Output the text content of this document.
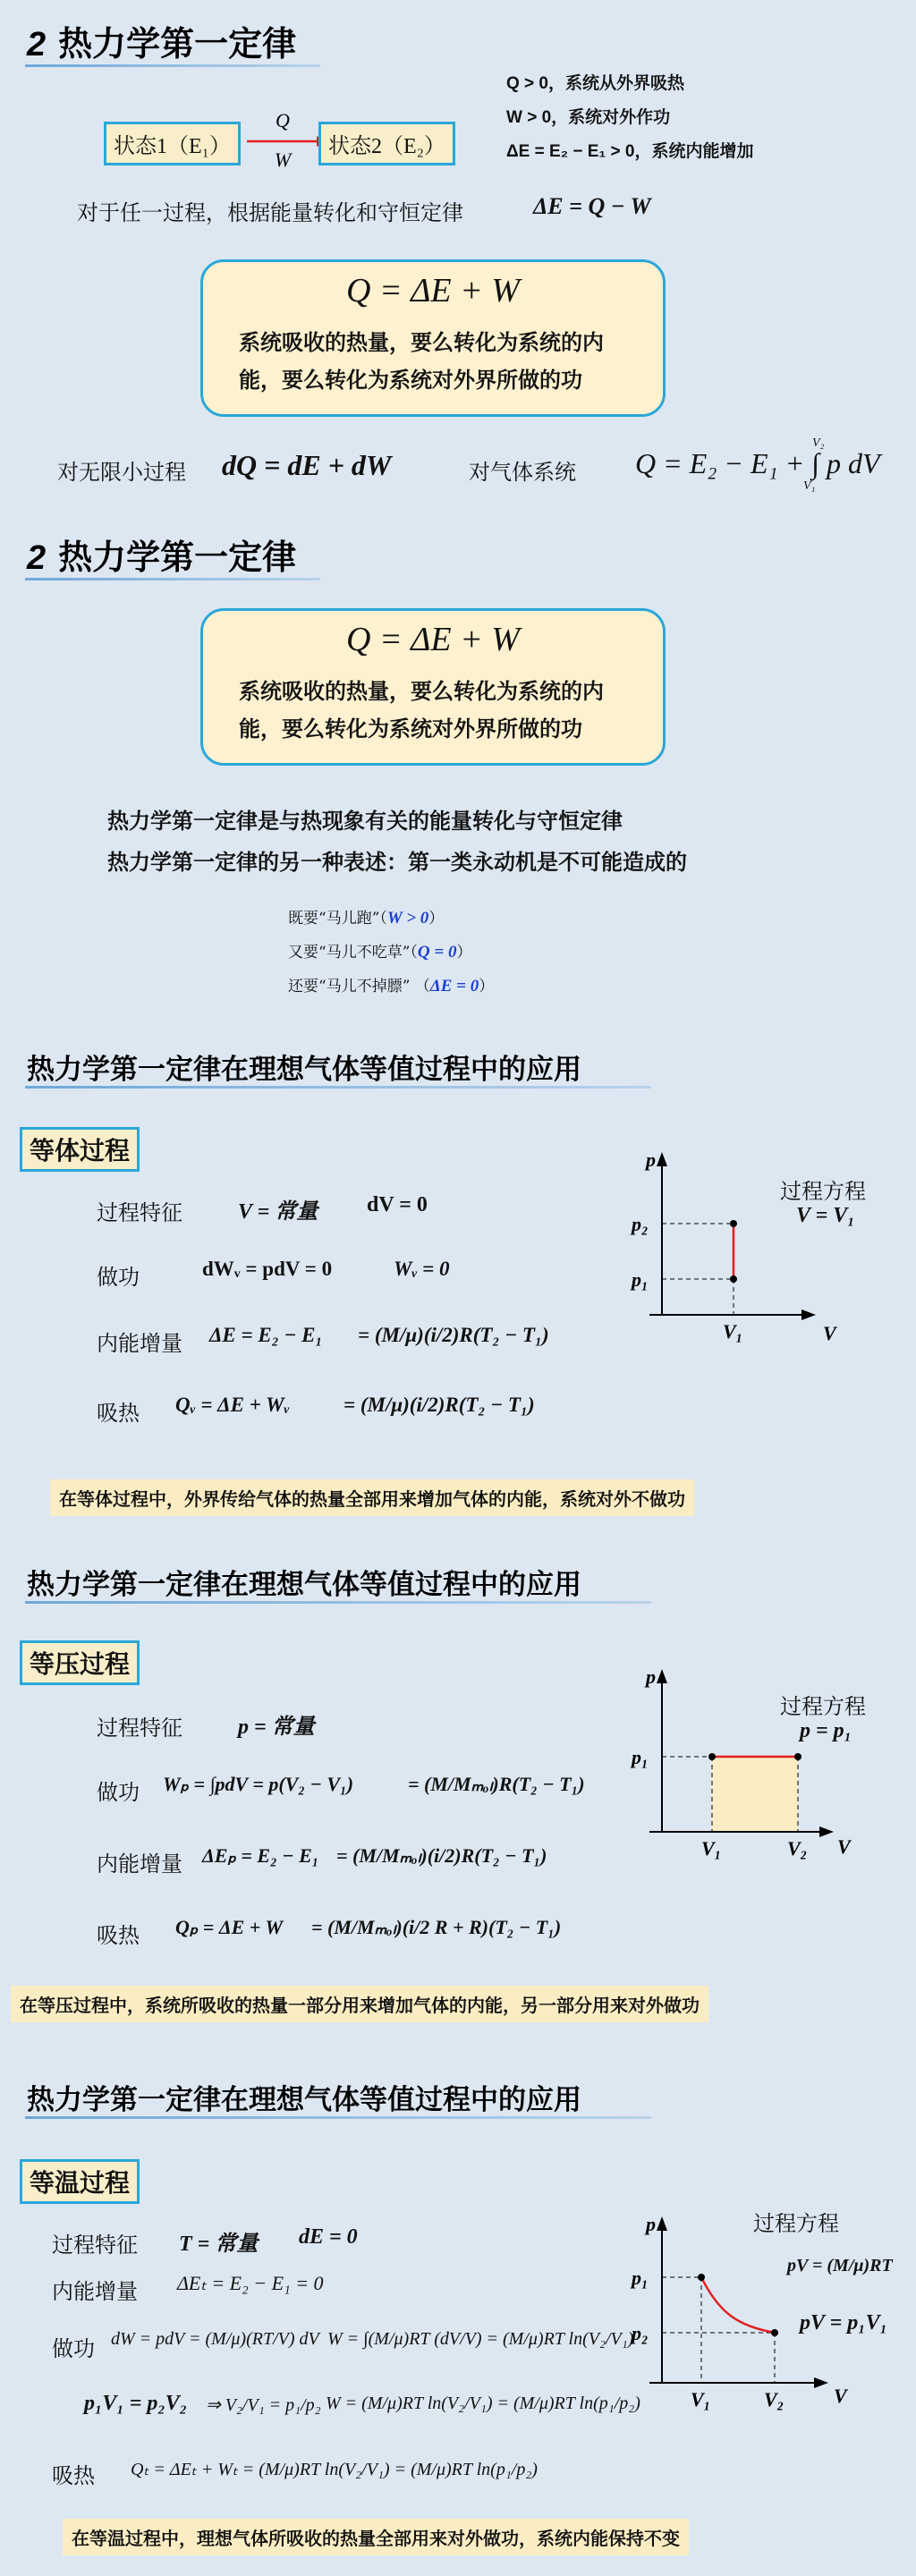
2 热力学第一定律
状态1（E₁）
Q
W
状态2（E₂）
Q > 0，系统从外界吸热
W > 0，系统对外作功
ΔE = E₂ − E₁ > 0，系统内能增加
对于任一过程，根据能量转化和守恒定律	ΔE = Q − W
Q = ΔE + W
系统吸收的热量，要么转化为系统的内
能，要么转化为系统对外界所做的功
对无限小过程 dQ = dE + dW	对气体系统 Q = E₂ − E₁ + ∫ p dV
V₂
V₁
2 热力学第一定律
Q = ΔE + W
系统吸收的热量，要么转化为系统的内
能，要么转化为系统对外界所做的功
热力学第一定律是与热现象有关的能量转化与守恒定律
热力学第一定律的另一种表述：第一类永动机是不可能造成的
既要“马儿跑”（W > 0）
又要“马儿不吃草”（Q = 0）
还要“马儿不掉膘” （ΔE = 0）
热力学第一定律在理想气体等值过程中的应用
等体过程
过程特征	V = 常量 dV = 0
做功	dWᵥ = pdV = 0	Wᵥ = 0
内能增量 ΔE = E₂ − E₁ = (M/μ)(i/2)R(T₂ − T₁)
吸热 Qᵥ = ΔE + Wᵥ	= (M/μ)(i/2)R(T₂ − T₁)
p
V
p₂
p₁
V₁
过程方程
V = V₁
在等体过程中，外界传给气体的热量全部用来增加气体的内能，系统对外不做功
热力学第一定律在理想气体等值过程中的应用
等压过程
过程特征	p = 常量
做功 Wₚ = ∫pdV = p(V₂ − V₁)	= (M/Mₘₒₗ)R(T₂ − T₁)
内能增量 ΔEₚ = E₂ − E₁ = (M/Mₘₒₗ)(i/2)R(T₂ − T₁)
吸热 Qₚ = ΔE + W = (M/Mₘₒₗ)(i/2 R + R)(T₂ − T₁)
p
V
p₁
V₁	V₂
过程方程
p = p₁
在等压过程中，系统所吸收的热量一部分用来增加气体的内能，另一部分用来对外做功
热力学第一定律在理想气体等值过程中的应用
等温过程
过程特征 T = 常量 dE = 0
内能增量 ΔEₜ = E₂ − E₁ = 0
做功 dW = pdV = (M/μ)(RT/V) dV W = ∫(M/μ)RT (dV/V) = (M/μ)RT ln(V₂/V₁)
p₁V₁ = p₂V₂ ⇒ V₂/V₁ = p₁/p₂ W = (M/μ)RT ln(V₂/V₁) = (M/μ)RT ln(p₁/p₂)
吸热 Qₜ = ΔEₜ + Wₜ = (M/μ)RT ln(V₂/V₁) = (M/μ)RT ln(p₁/p₂)
p
V
p₁
p₂
V₁	V₂
过程方程
pV = (M/μ)RT
pV = p₁V₁
在等温过程中，理想气体所吸收的热量全部用来对外做功，系统内能保持不变
